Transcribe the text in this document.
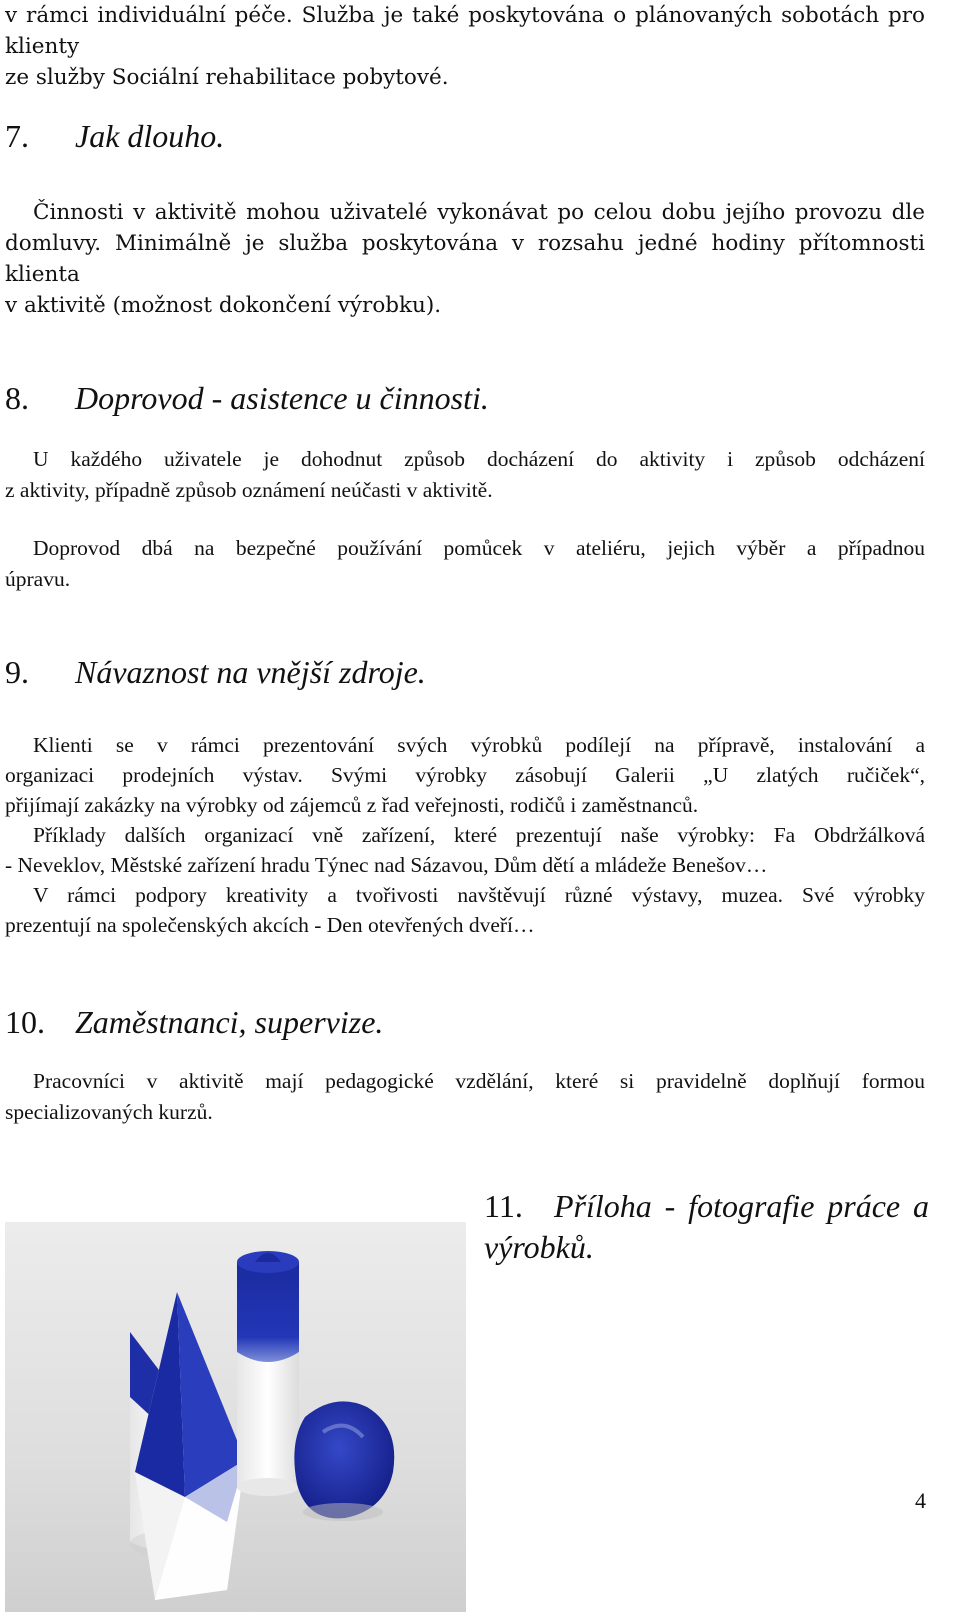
v rámci individuální péče. Služba je také poskytována o plánovaných sobotách pro klienty
ze služby Sociální rehabilitace pobytové.
7. Jak dlouho.
Činnosti v aktivitě mohou uživatelé vykonávat po celou dobu jejího provozu dle
domluvy. Minimálně je služba poskytována v rozsahu jedné hodiny přítomnosti klienta
v aktivitě (možnost dokončení výrobku).
8. Doprovod - asistence u činnosti.
U každého uživatele je dohodnut způsob docházení do aktivity i způsob odcházení
z aktivity, případně způsob oznámení neúčasti v aktivitě.
Doprovod dbá na bezpečné používání pomůcek v ateliéru, jejich výběr a případnou
úpravu.
9. Návaznost na vnější zdroje.
Klienti se v rámci prezentování svých výrobků podílejí na přípravě, instalování a
organizaci prodejních výstav. Svými výrobky zásobují Galerii „U zlatých ručiček“,
přijímají zakázky na výrobky od zájemců z řad veřejnosti, rodičů i zaměstnanců.
Příklady dalších organizací vně zařízení, které prezentují naše výrobky: Fa Obdržálková
- Neveklov, Městské zařízení hradu Týnec nad Sázavou, Dům dětí a mládeže Benešov…
V rámci podpory kreativity a tvořivosti navštěvují různé výstavy, muzea. Své výrobky
prezentují na společenských akcích - Den otevřených dveří…
10. Zaměstnanci, supervize.
Pracovníci v aktivitě mají pedagogické vzdělání, které si pravidelně doplňují formou
specializovaných kurzů.
11. Příloha - fotografie práce a
výrobků.
4
